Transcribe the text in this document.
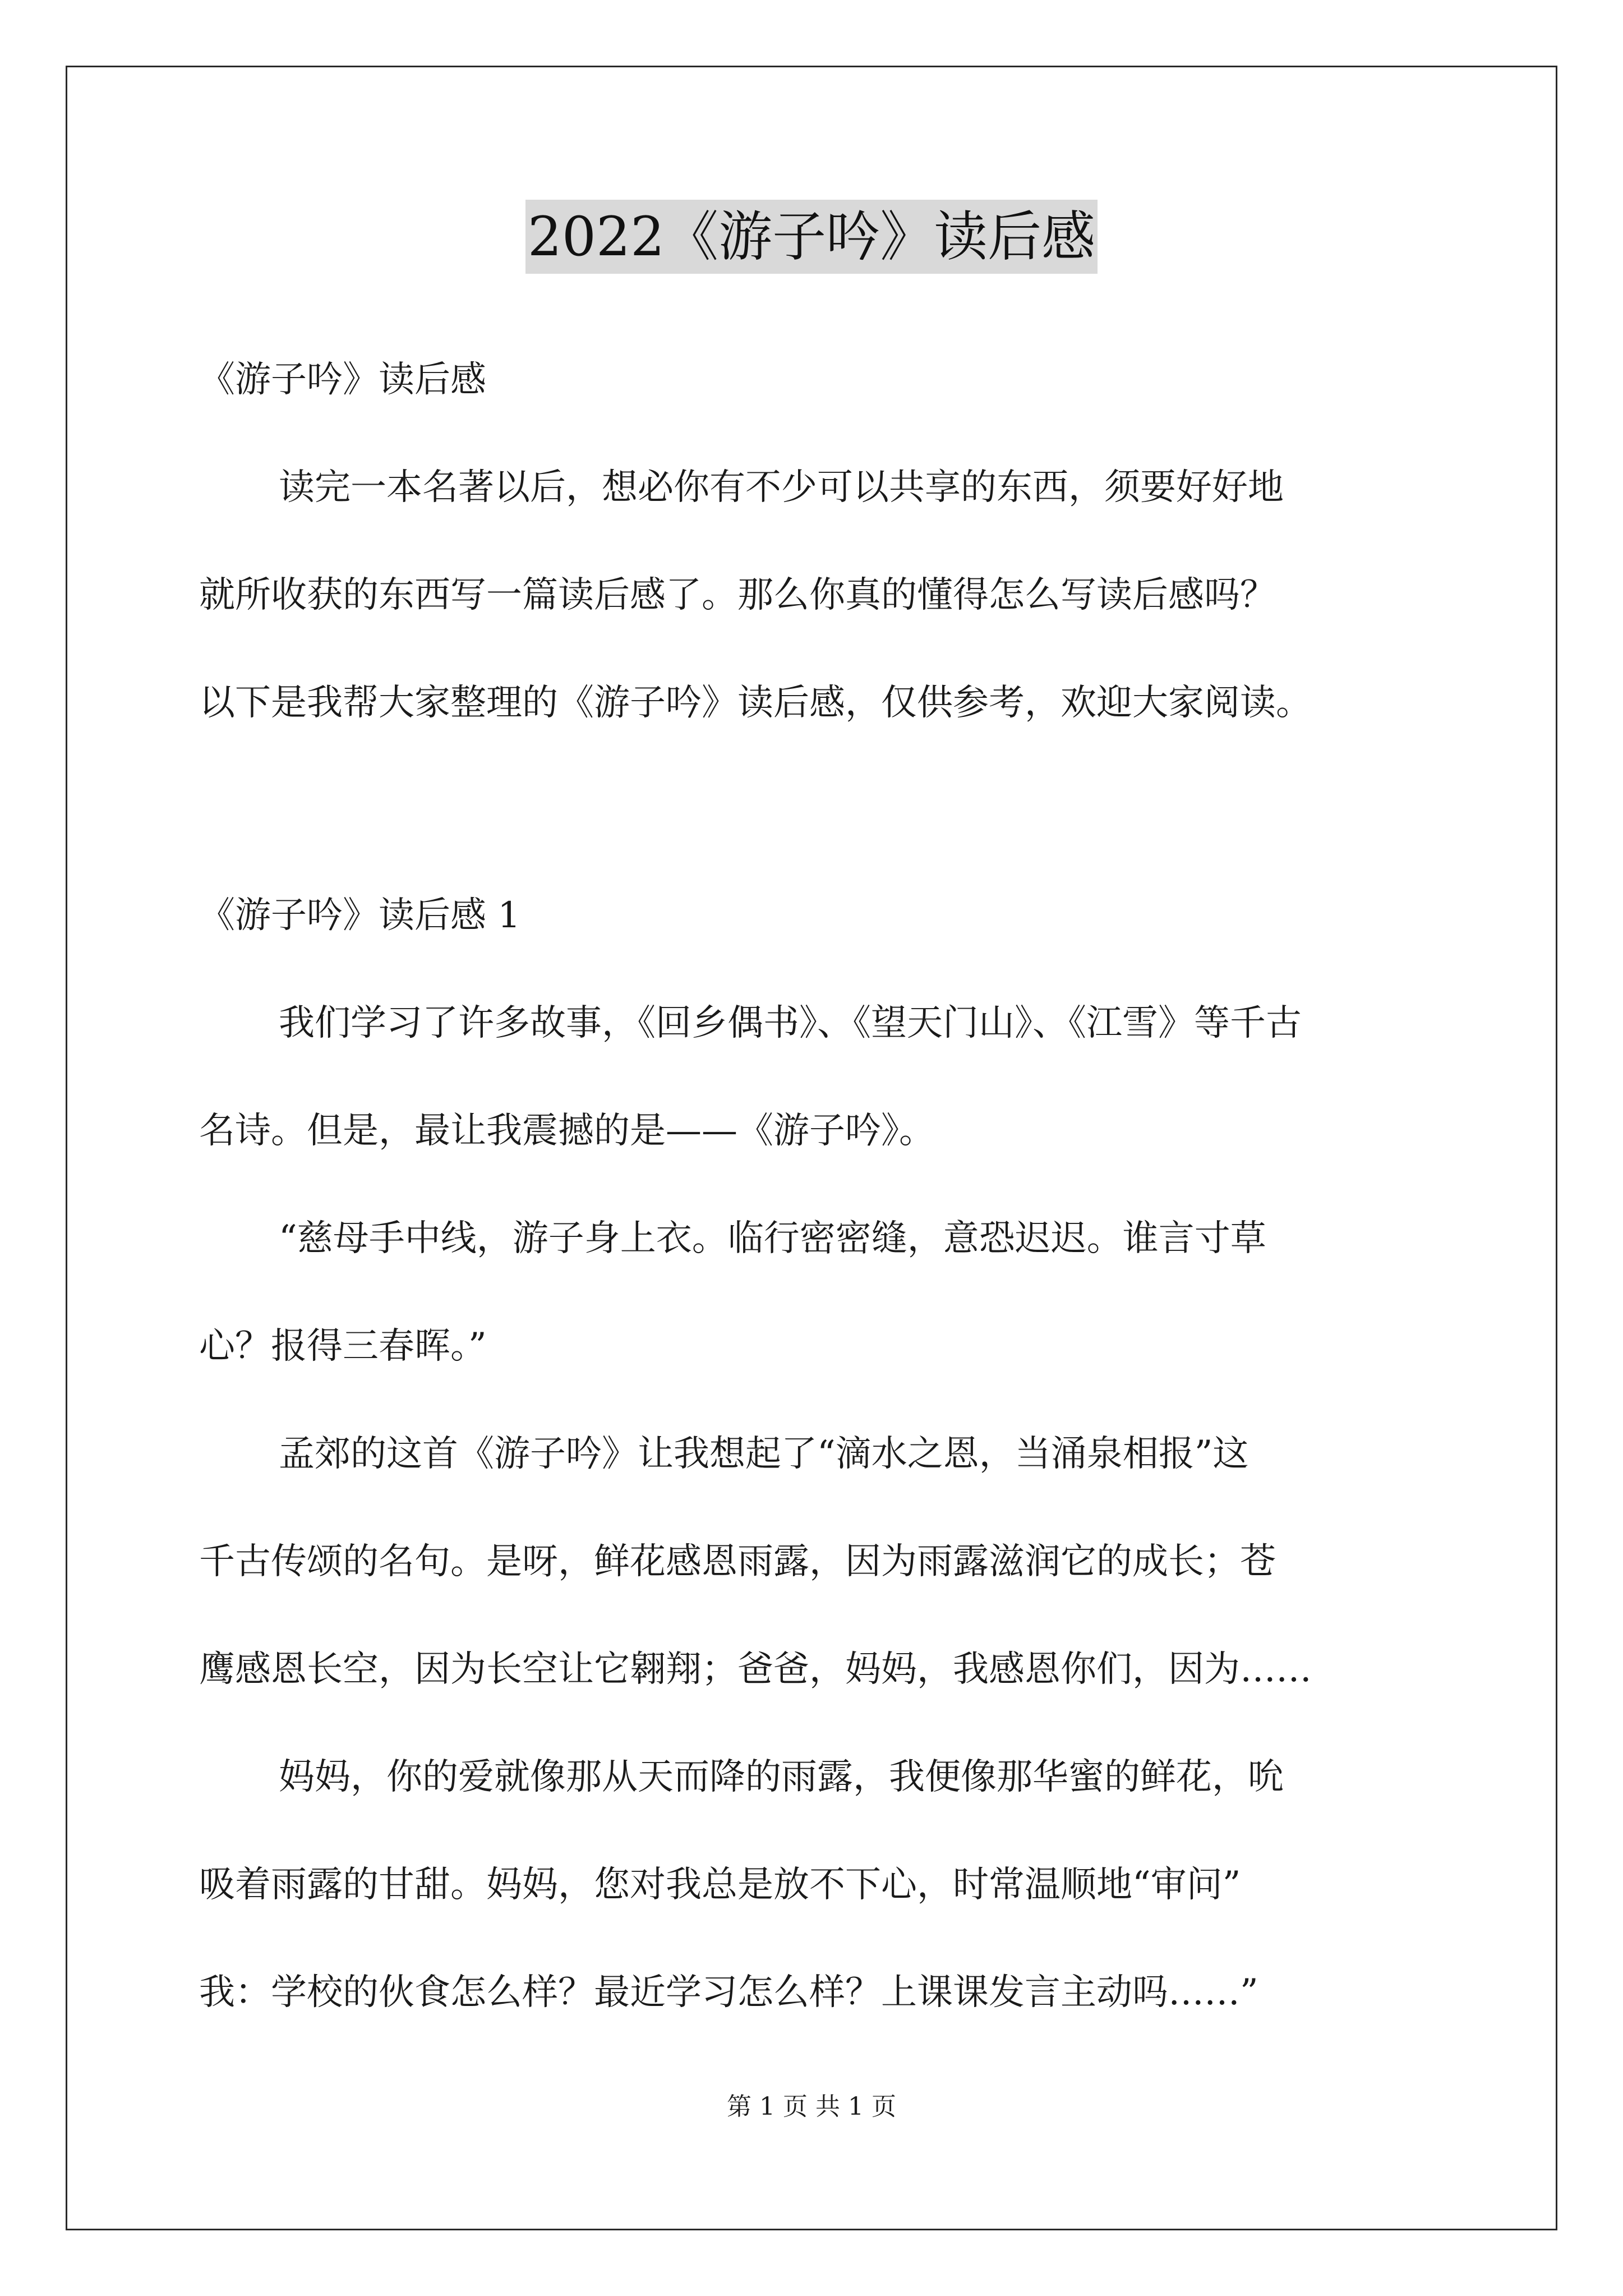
2022《游子吟》读后感
《游子吟》读后感
读完一本名著以后，想必你有不少可以共享的东西，须要好好地
就所收获的东西写一篇读后感了。那么你真的懂得怎么写读后感吗？
以下是我帮大家整理的《游子吟》读后感，仅供参考，欢迎大家阅读。
《游子吟》读后感 1
我们学习了许多故事，《回乡偶书》、《望天门山》、《江雪》等千古
名诗。但是，最让我震撼的是——《游子吟》。
“慈母手中线，游子身上衣。临行密密缝，意恐迟迟。谁言寸草
心？报得三春晖。”
孟郊的这首《游子吟》让我想起了“滴水之恩，当涌泉相报”这
千古传颂的名句。是呀，鲜花感恩雨露，因为雨露滋润它的成长；苍
鹰感恩长空，因为长空让它翱翔；爸爸，妈妈，我感恩你们，因为……
妈妈，你的爱就像那从天而降的雨露，我便像那华蜜的鲜花，吮
吸着雨露的甘甜。妈妈，您对我总是放不下心，时常温顺地“审问”
我：学校的伙食怎么样？最近学习怎么样？上课课发言主动吗……”
第 1 页 共 1 页
